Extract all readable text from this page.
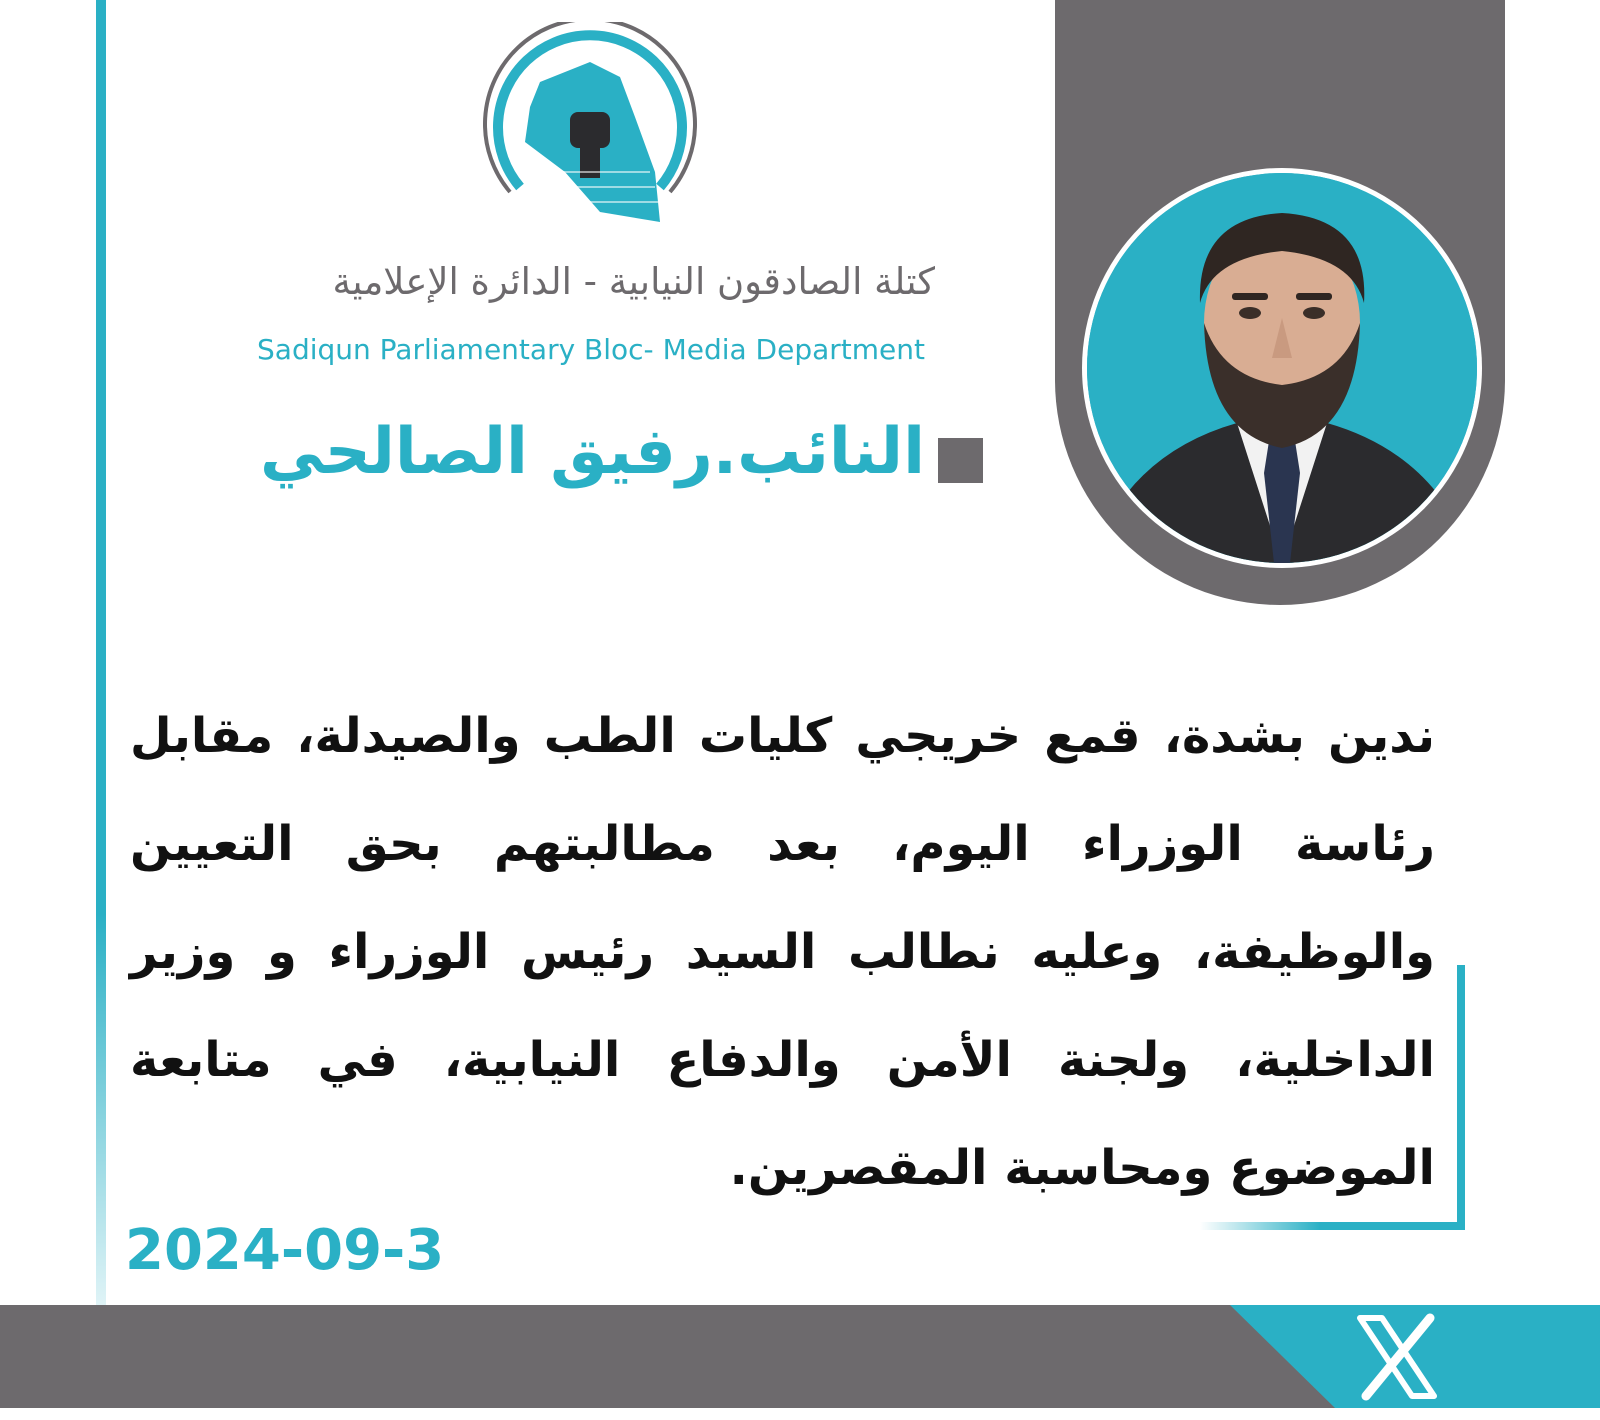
كتلة الصادقون النيابية - الدائرة الإعلامية
Sadiqun Parliamentary Bloc- Media Department
النائب.رفيق الصالحي

ندين بشدة، قمع خريجي كليات الطب والصيدلة، مقابل رئاسة الوزراء اليوم، بعد مطالبتهم بحق التعيين والوظيفة، وعليه نطالب السيد رئيس الوزراء و وزير الداخلية، ولجنة الأمن والدفاع النيابية، في متابعة الموضوع ومحاسبة المقصرين.

2024-09-3
